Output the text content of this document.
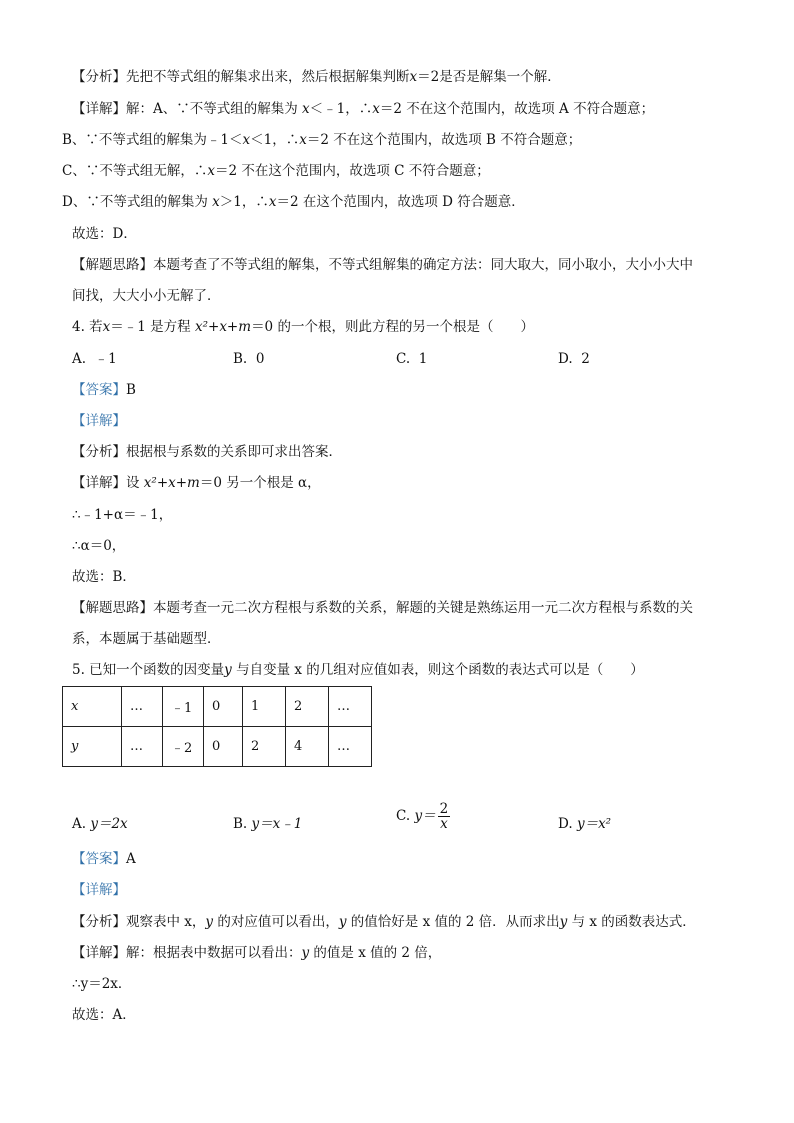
【分析】先把不等式组的解集求出来，然后根据解集判断x＝2是否是解集一个解．
【详解】解：A、∵不等式组的解集为 x＜﹣1，∴x＝2 不在这个范围内，故选项 A 不符合题意；
B、∵不等式组的解集为﹣1＜x＜1，∴x＝2 不在这个范围内，故选项 B 不符合题意；
C、∵不等式组无解，∴x＝2 不在这个范围内，故选项 C 不符合题意；
D、∵不等式组的解集为 x＞1，∴x＝2 在这个范围内，故选项 D 符合题意．
故选：D．
【解题思路】本题考查了不等式组的解集，不等式组解集的确定方法：同大取大，同小取小，大小小大中
间找，大大小小无解了．
4. 若x＝﹣1 是方程 x²+x+m＝0 的一个根，则此方程的另一个根是（　　）
A. ﹣1	B. 0	C. 1	D. 2
【答案】B
【详解】
【分析】根据根与系数的关系即可求出答案．
【详解】设 x²+x+m＝0 另一个根是 α，
∴﹣1+α＝﹣1，
∴α＝0，
故选：B．
【解题思路】本题考查一元二次方程根与系数的关系，解题的关键是熟练运用一元二次方程根与系数的关
系，本题属于基础题型．
5. 已知一个函数的因变量y 与自变量 x 的几组对应值如表，则这个函数的表达式可以是（　　）
x	…	﹣1	0	1	2	…
y	…	﹣2	0	2	4	…
A. y＝2x	B. y＝x﹣1	C. $y= \frac{2}{x}$	D. y＝x²
【答案】A
【详解】
【分析】观察表中 x，y 的对应值可以看出，y 的值恰好是 x 值的 2 倍．从而求出y 与 x 的函数表达式．
【详解】解：根据表中数据可以看出：y 的值是 x 值的 2 倍，
∴y＝2x．
故选：A．
